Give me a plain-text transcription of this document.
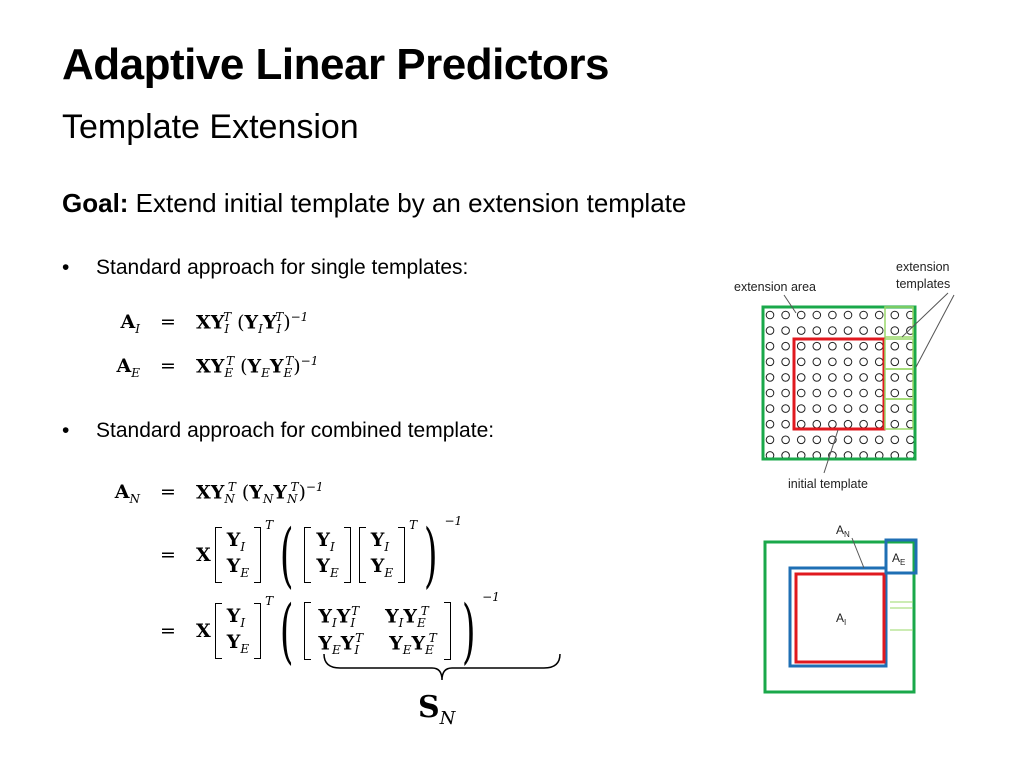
Adaptive Linear Predictors
Template Extension
Goal: Extend initial template by an extension template
• Standard approach for single templates:
$A_I = XY_I^T$ $(Y_IY_I^T)^{-1}$
$A_E = XY_E^T$ $(Y_EY_E^T)^{-1}$
• Standard approach for combined template:
$A_N = XY_N^T$ $(Y_NY_N^T)^{-1}$
=	X
$Y_I$
$Y_E$
$^T$ ( $Y_I$
$Y_E$
$Y_I$
$Y_E$
$^T$ ) $^{-1}$
=	X
$Y_I$
$Y_E$
$^T$ ( $Y_IY_I^T$ $Y_IY_E^T$
$Y_EY_I^T$ $Y_EY_E^T$ ) $^{-1}$
$S_N$
extension area
extension
templates
initial template
$A_N$
$A_E$
$A_I$
